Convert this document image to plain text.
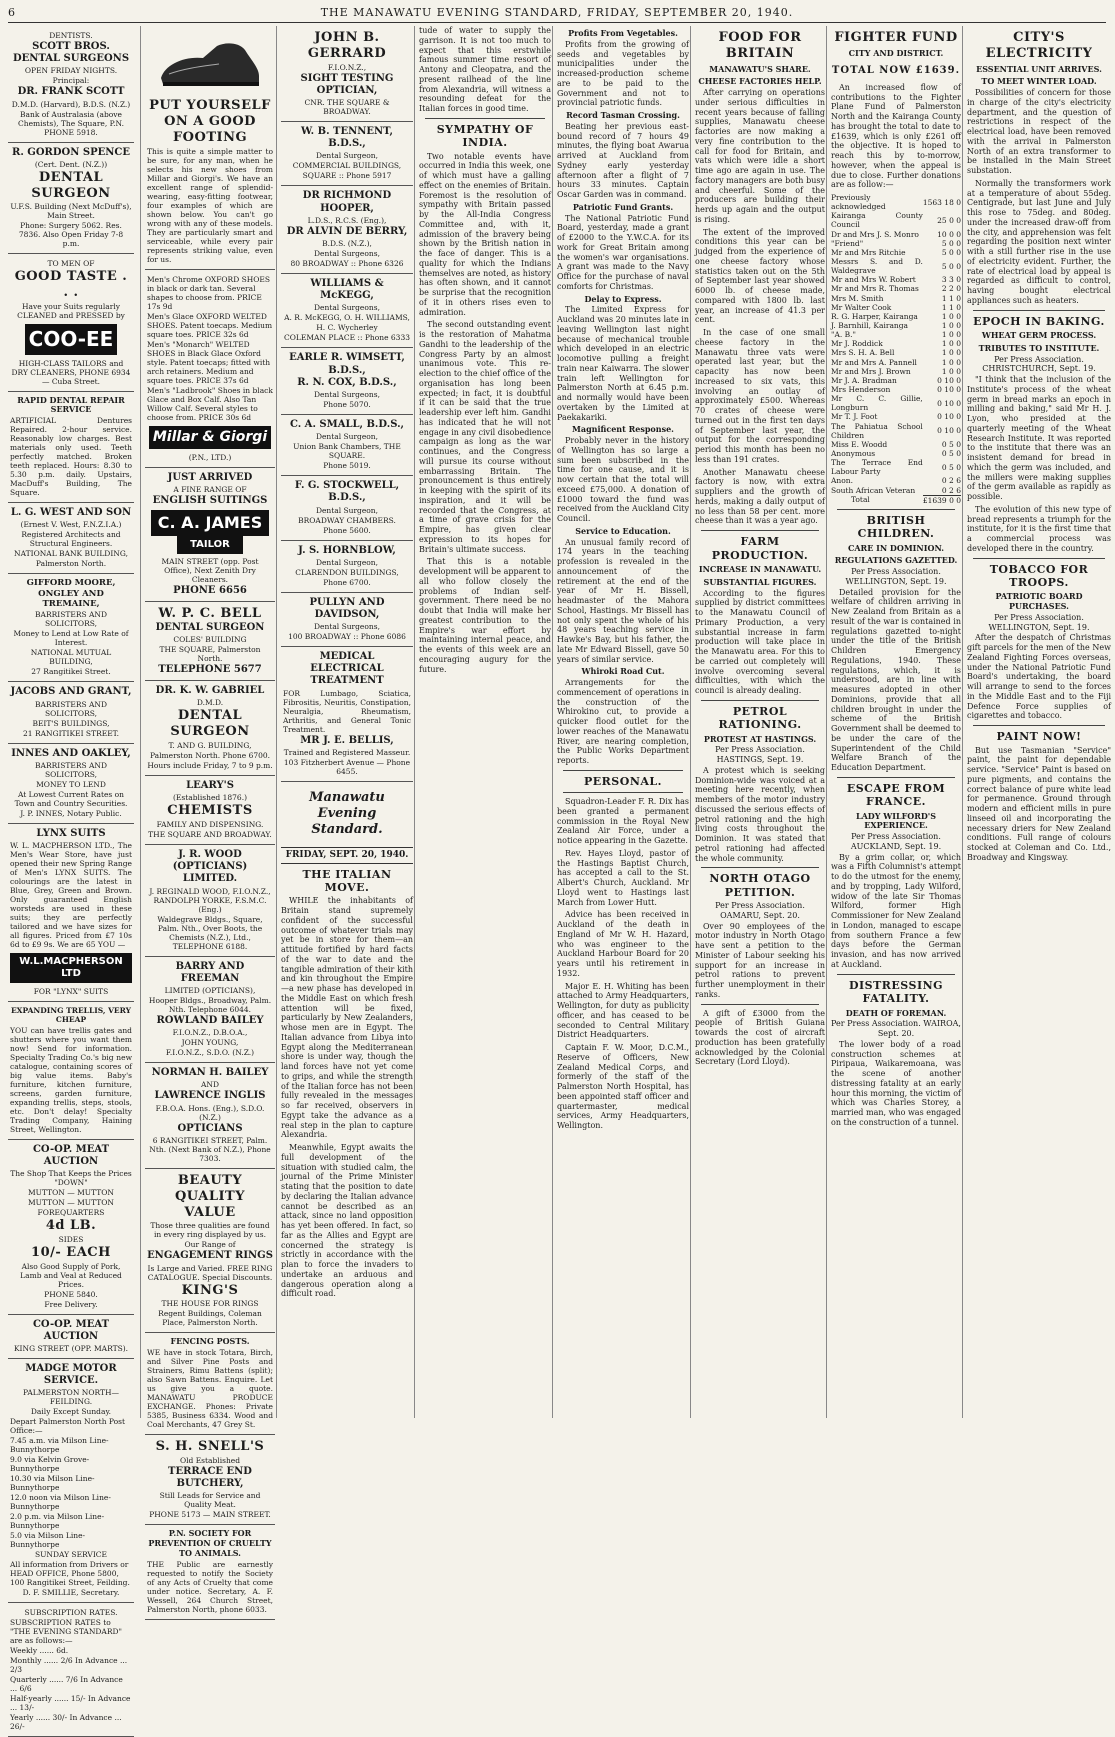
6	THE MANAWATU EVENING STANDARD, FRIDAY, SEPTEMBER 20, 1940.

DENTISTS.

SCOTT BROS.
DENTAL SURGEONS

OPEN FRIDAY NIGHTS.

Principal:

DR. FRANK SCOTT

D.M.D. (Harvard), B.D.S. (N.Z.)

Bank of Australasia (above Chemists), The Square, P.N. PHONE 5918.

R. GORDON SPENCE

(Cert. Dent. (N.Z.))

DENTAL SURGEON

U.F.S. Building (Next McDuff's), Main Street.

Phone: Surgery 5062. Res. 7836. Also Open Friday 7-8 p.m.

TO MEN OF

GOOD TASTE . . .

Have your Suits regularly CLEANED and PRESSED by

COO-EE

HIGH-CLASS TAILORS and DRY CLEANERS, PHONE 6934 — Cuba Street.

RAPID DENTAL REPAIR SERVICE

ARTIFICIAL Dentures Repaired. 2-hour service. Reasonably low charges. Best materials only used. Teeth perfectly matched. Broken teeth replaced. Hours: 8.30 to 5.30 p.m. daily. Upstairs, MacDuff's Building, The Square.

L. G. WEST AND SON

(Ernest V. West, F.N.Z.I.A.)

Registered Architects and Structural Engineers.

NATIONAL BANK BUILDING,

Palmerston North.

GIFFORD MOORE, ONGLEY AND TREMAINE,

BARRISTERS AND SOLICITORS,

Money to Lend at Low Rate of Interest.

NATIONAL MUTUAL BUILDING,

27 Rangitikei Street.

JACOBS AND GRANT,

BARRISTERS AND SOLICITORS,

BEIT'S BUILDINGS,

21 RANGITIKEI STREET.

INNES AND OAKLEY,

BARRISTERS AND SOLICITORS,

MONEY TO LEND

At Lowest Current Rates on Town and Country Securities.

J. P. INNES, Notary Public.

LYNX SUITS

W. L. MACPHERSON LTD., The Men's Wear Store, have just opened their new Spring Range of Men's LYNX SUITS. The colourings are the latest in Blue, Grey, Green and Brown. Only guaranteed English worsteds are used in these suits; they are perfectly tailored and we have sizes for all figures. Priced from £7 10s 6d to £9 9s. We are 65 YOU —

W.L.MACPHERSON LTD

FOR "LYNX" SUITS

EXPANDING TRELLIS, VERY CHEAP

YOU can have trellis gates and shutters where you want them now! Send for information. Specialty Trading Co.'s big new catalogue, containing scores of big value items. Baby's furniture, kitchen furniture, screens, garden furniture, expanding trellis, steps, stools, etc. Don't delay! Specialty Trading Company, Haining Street, Wellington.

CO-OP. MEAT AUCTION

The Shop That Keeps the Prices "DOWN"

MUTTON — MUTTON

MUTTON — MUTTON

FOREQUARTERS

4d LB.

SIDES

10/- EACH

Also Good Supply of Pork, Lamb and Veal at Reduced Prices.

PHONE 5840.

Free Delivery.

CO-OP. MEAT AUCTION

KING STREET (OPP. MARTS).

MADGE MOTOR SERVICE.

PALMERSTON NORTH—FEILDING.

Daily Except Sunday.

Depart Palmerston North Post Office:—

7.45 a.m. via Milson Line-Bunnythorpe

9.0 via Kelvin Grove-Bunnythorpe

10.30 via Milson Line-Bunnythorpe

12.0 noon via Milson Line-Bunnythorpe

2.0 p.m. via Milson Line-Bunnythorpe

5.0 via Milson Line-Bunnythorpe

SUNDAY SERVICE

All information from Drivers or HEAD OFFICE, Phone 5800, 100 Rangitikei Street, Feilding.

D. F. SMILLIE, Secretary.

SUBSCRIPTION RATES.

SUBSCRIPTION RATES to "THE EVENING STANDARD" are as follows:—

Weekly ...... 6d.

Monthly ...... 2/6 In Advance ... 2/3

Quarterly ...... 7/6 In Advance ... 6/6

Half-yearly ...... 15/- In Advance ... 13/-

Yearly ...... 30/- In Advance ... 26/-

PUT YOURSELF ON A GOOD FOOTING

This is quite a simple matter to be sure, for any man, when he selects his new shoes from Millar and Giorgi's. We have an excellent range of splendid-wearing, easy-fitting footwear, four examples of which are shown below. You can't go wrong with any of these models. They are particularly smart and serviceable, while every pair represents striking value, even for us.

Men's Chrome OXFORD SHOES in black or dark tan. Several shapes to choose from. PRICE 17s 9d

Men's Glace OXFORD WELTED SHOES. Patent toecaps. Medium square toes. PRICE 32s 6d

Men's "Monarch" WELTED SHOES in Black Glace Oxford style. Patent toecaps; fitted with arch retainers. Medium and square toes. PRICE 37s 6d

Men's "Ladbrook" Shoes in black Glace and Box Calf. Also Tan Willow Calf. Several styles to choose from. PRICE 30s 6d

Millar & Giorgi

(P.N., LTD.)

JUST ARRIVED

A FINE RANGE OF

ENGLISH SUITINGS
C. A. JAMES
TAILOR

MAIN STREET (opp. Post Office), Next Zenith Dry Cleaners.

PHONE 6656
W. P. C. BELL
DENTAL SURGEON

COLES' BUILDING

THE SQUARE, Palmerston North.

TELEPHONE 5677
DR. K. W. GABRIEL

D.M.D.

DENTAL SURGEON

T. AND G. BUILDING,

Palmerston North. Phone 6700.

Hours include Friday, 7 to 9 p.m.

LEARY'S

(Established 1876.)

CHEMISTS

FAMILY AND DISPENSING.

THE SQUARE AND BROADWAY.

J. R. WOOD (OPTICIANS) LIMITED.

J. REGINALD WOOD, F.I.O.N.Z., RANDOLPH YORKE, F.S.M.C. (Eng.)

Waldegrave Bldgs., Square, Palm. Nth., Over Boots, the Chemists (N.Z.), Ltd., TELEPHONE 6188.

BARRY AND FREEMAN

LIMITED (OPTICIANS),

Hooper Bldgs., Broadway, Palm. Nth. Telephone 6044.

ROWLAND BAILEY

F.I.O.N.Z., D.B.O.A.,

JOHN YOUNG,

F.I.O.N.Z., S.D.O. (N.Z.)

NORMAN H. BAILEY

AND

LAWRENCE INGLIS

F.B.O.A. Hons. (Eng.), S.D.O. (N.Z.)

OPTICIANS

6 RANGITIKEI STREET, Palm. Nth. (Next Bank of N.Z.), Phone 7303.

BEAUTY
QUALITY
VALUE

Those three qualities are found in every ring displayed by us.

Our Range of

ENGAGEMENT RINGS

Is Large and Varied. FREE RING CATALOGUE. Special Discounts.

KING'S

THE HOUSE FOR RINGS

Regent Buildings, Coleman Place, Palmerston North.

FENCING POSTS.

WE have in stock Totara, Birch, and Silver Pine Posts and Strainers, Rimu Battens (split); also Sawn Battens. Enquire. Let us give you a quote. MANAWATU PRODUCE EXCHANGE. Phones: Private 5385, Business 6334. Wood and Coal Merchants, 47 Grey St.

S. H. SNELL'S

Old Established

TERRACE END BUTCHERY,

Still Leads for Service and Quality Meat.

PHONE 5173 — MAIN STREET.

P.N. SOCIETY FOR PREVENTION OF CRUELTY TO ANIMALS.

THE Public are earnestly requested to notify the Society of any Acts of Cruelty that come under notice. Secretary, A. F. Wessell, 264 Church Street, Palmerston North, phone 6033.

JOHN B. GERRARD

F.I.O.N.Z.,

SIGHT TESTING OPTICIAN,

CNR. THE SQUARE & BROADWAY.

W. B. TENNENT, B.D.S.,

Dental Surgeon,

COMMERCIAL BUILDINGS,

SQUARE :: Phone 5917

DR RICHMOND HOOPER,

L.D.S., R.C.S. (Eng.),

DR ALVIN DE BERRY,

B.D.S. (N.Z.),

Dental Surgeons,

80 BROADWAY :: Phone 6326

WILLIAMS & McKEGG,

Dental Surgeons,

A. R. McKEGG, O. H. WILLIAMS,

H. C. Wycherley

COLEMAN PLACE :: Phone 6333

EARLE R. WIMSETT, B.D.S.,
R. N. COX, B.D.S.,

Dental Surgeons,

Phone 5070.

C. A. SMALL, B.D.S.,

Dental Surgeon,

Union Bank Chambers, THE SQUARE.

Phone 5019.

F. G. STOCKWELL, B.D.S.,

Dental Surgeon,

BROADWAY CHAMBERS.

Phone 5600.

J. S. HORNBLOW,

Dental Surgeon,

CLARENDON BUILDINGS,

Phone 6700.

PULLYN AND DAVIDSON,

Dental Surgeons,

100 BROADWAY :: Phone 6086

MEDICAL ELECTRICAL TREATMENT

FOR Lumbago, Sciatica, Fibrositis, Neuritis, Constipation, Neuralgia, Rheumatism, Arthritis, and General Tonic Treatment.

MR J. E. BELLIS,

Trained and Registered Masseur.

103 Fitzherbert Avenue — Phone 6455.

Manawatu
Evening Standard.
FRIDAY, SEPT. 20, 1940.
THE ITALIAN MOVE.

WHILE the inhabitants of Britain stand supremely confident of the successful outcome of whatever trials may yet be in store for them—an attitude fortified by hard facts of the war to date and the tangible admiration of their kith and kin throughout the Empire—a new phase has developed in the Middle East on which fresh attention will be fixed, particularly by New Zealanders, whose men are in Egypt. The Italian advance from Libya into Egypt along the Mediterranean shore is under way, though the land forces have not yet come to grips, and while the strength of the Italian force has not been fully revealed in the messages so far received, observers in Egypt take the advance as a real step in the plan to capture Alexandria.

Meanwhile, Egypt awaits the full development of the situation with studied calm, the journal of the Prime Minister stating that the position to date by declaring the Italian advance cannot be described as an attack, since no land opposition has yet been offered. In fact, so far as the Allies and Egypt are concerned the strategy is strictly in accordance with the plan to force the invaders to undertake an arduous and dangerous operation along a difficult road.

tude of water to supply the garrison. It is not too much to expect that this erstwhile famous summer time resort of Antony and Cleopatra, and the present railhead of the line from Alexandria, will witness a resounding defeat for the Italian forces in good time.

SYMPATHY OF INDIA.

Two notable events have occurred in India this week, one of which must have a galling effect on the enemies of Britain. Foremost is the resolution of sympathy with Britain passed by the All-India Congress Committee and, with it, admission of the bravery being shown by the British nation in the face of danger. This is a quality for which the Indians themselves are noted, as history has often shown, and it cannot be surprise that the recognition of it in others rises even to admiration.

The second outstanding event is the restoration of Mahatma Gandhi to the leadership of the Congress Party by an almost unanimous vote. This re-election to the chief office of the organisation has long been expected; in fact, it is doubtful if it can be said that the true leadership ever left him. Gandhi has indicated that he will not engage in any civil disobedience campaign as long as the war continues, and the Congress will pursue its course without embarrassing Britain. The pronouncement is thus entirely in keeping with the spirit of its inspiration, and it will be recorded that the Congress, at a time of grave crisis for the Empire, has given clear expression to its hopes for Britain's ultimate success.

That this is a notable development will be apparent to all who follow closely the problems of Indian self-government. There need be no doubt that India will make her greatest contribution to the Empire's war effort by maintaining internal peace, and the events of this week are an encouraging augury for the future.

Profits From Vegetables.

Profits from the growing of seeds and vegetables by municipalities under the increased-production scheme are to be paid to the Government and not to provincial patriotic funds.

Record Tasman Crossing.

Beating her previous east-bound record of 7 hours 49 minutes, the flying boat Awarua arrived at Auckland from Sydney early yesterday afternoon after a flight of 7 hours 33 minutes. Captain Oscar Garden was in command.

Patriotic Fund Grants.

The National Patriotic Fund Board, yesterday, made a grant of £2000 to the Y.W.C.A. for its work for Great Britain among the women's war organisations. A grant was made to the Navy Office for the purchase of naval comforts for Christmas.

Delay to Express.

The Limited Express for Auckland was 20 minutes late in leaving Wellington last night because of mechanical trouble which developed in an electric locomotive pulling a freight train near Kaiwarra. The slower train left Wellington for Palmerston North at 6.45 p.m. and normally would have been overtaken by the Limited at Paekakariki.

Magnificent Response.

Probably never in the history of Wellington has so large a sum been subscribed in the time for one cause, and it is now certain that the total will exceed £75,000. A donation of £1000 toward the fund was received from the Auckland City Council.

Service to Education.

An unusual family record of 174 years in the teaching profession is revealed in the announcement of the retirement at the end of the year of Mr H. Bissell, headmaster of the Mahora School, Hastings. Mr Bissell has not only spent the whole of his 48 years teaching service in Hawke's Bay, but his father, the late Mr Edward Bissell, gave 50 years of similar service.

Whiroki Road Cut.

Arrangements for the commencement of operations in the construction of the Whirokino cut, to provide a quicker flood outlet for the lower reaches of the Manawatu River, are nearing completion, the Public Works Department reports.

PERSONAL.

Squadron-Leader F. R. Dix has been granted a permanent commission in the Royal New Zealand Air Force, under a notice appearing in the Gazette.

Rev. Hayes Lloyd, pastor of the Hastings Baptist Church, has accepted a call to the St. Albert's Church, Auckland. Mr Lloyd went to Hastings last March from Lower Hutt.

Advice has been received in Auckland of the death in England of Mr W. H. Hazard, who was engineer to the Auckland Harbour Board for 20 years until his retirement in 1932.

Major E. H. Whiting has been attached to Army Headquarters, Wellington, for duty as publicity officer, and has ceased to be seconded to Central Military District Headquarters.

Captain F. W. Moor, D.C.M., Reserve of Officers, New Zealand Medical Corps, and formerly of the staff of the Palmerston North Hospital, has been appointed staff officer and quartermaster, medical services, Army Headquarters, Wellington.

FOOD FOR BRITAIN
MANAWATU'S SHARE.
CHEESE FACTORIES HELP.

After carrying on operations under serious difficulties in recent years because of falling supplies, Manawatu cheese factories are now making a very fine contribution to the call for food for Britain, and vats which were idle a short time ago are again in use. The factory managers are both busy and cheerful. Some of the producers are building their herds up again and the output is rising.

The extent of the improved conditions this year can be judged from the experience of one cheese factory whose statistics taken out on the 5th of September last year showed 6000 lb. of cheese made, compared with 1800 lb. last year, an increase of 41.3 per cent.

In the case of one small cheese factory in the Manawatu three vats were operated last year, but the capacity has now been increased to six vats, this involving an outlay of approximately £500. Whereas 70 crates of cheese were turned out in the first ten days of September last year, the output for the corresponding period this month has been no less than 191 crates.

Another Manawatu cheese factory is now, with extra suppliers and the growth of herds, making a daily output of no less than 58 per cent. more cheese than it was a year ago.

FARM PRODUCTION.
INCREASE IN MANAWATU.
SUBSTANTIAL FIGURES.

According to the figures supplied by district committees to the Manawatu Council of Primary Production, a very substantial increase in farm production will take place in the Manawatu area. For this to be carried out completely will involve overcoming several difficulties, with which the council is already dealing.

PETROL RATIONING.
PROTEST AT HASTINGS.

Per Press Association. HASTINGS, Sept. 19.

A protest which is seeking Dominion-wide was voiced at a meeting here recently, when members of the motor industry discussed the serious effects of petrol rationing and the high living costs throughout the Dominion. It was stated that petrol rationing had affected the whole community.

NORTH OTAGO PETITION.

Per Press Association. OAMARU, Sept. 20.

Over 90 employees of the motor industry in North Otago have sent a petition to the Minister of Labour seeking his support for an increase in petrol rations to prevent further unemployment in their ranks.

A gift of £3000 from the people of British Guiana towards the cost of aircraft production has been gratefully acknowledged by the Colonial Secretary (Lord Lloyd).

FIGHTER FUND
CITY AND DISTRICT.
TOTAL NOW £1639.

An increased flow of contributions to the Fighter Plane Fund of Palmerston North and the Kairanga County has brought the total to date to £1639, which is only £261 off the objective. It is hoped to reach this by to-morrow, however, when the appeal is due to close. Further donations are as follow:—

Previously acknowledged	1563 18 0
Kairanga County Council	25 0 0
Dr and Mrs J. S. Monro	10 0 0
"Friend"	5 0 0
Mr and Mrs Ritchie	5 0 0
Messrs S. and D. Waldegrave	5 0 0
Mr and Mrs W. Robert	3 3 0
Mr and Mrs R. Thomas	2 2 0
Mrs M. Smith	1 1 0
Mr Walter Cook	1 1 0
R. G. Harper, Kairanga	1 0 0
J. Barnhill, Kairanga	1 0 0
"A. B."	1 0 0
Mr J. Roddick	1 0 0
Mrs S. H. A. Bell	1 0 0
Mr and Mrs A. Pannell	1 0 0
Mr and Mrs J. Brown	1 0 0
Mr J. A. Bradman	0 10 0
Mrs Henderson	0 10 0
Mr C. C. Gillie, Longburn	0 10 0
Mr T. J. Foot	0 10 0
The Pahiatua School Children	0 10 0
Miss E. Woodd	0 5 0
Anonymous	0 5 0
The Terrace End Labour Party	0 5 0
Anon.	0 2 6
South African Veteran	0 2 6
Total	£1639 0 0
BRITISH CHILDREN.
CARE IN DOMINION.
REGULATIONS GAZETTED.

Per Press Association. WELLINGTON, Sept. 19.

Detailed provision for the welfare of children arriving in New Zealand from Britain as a result of the war is contained in regulations gazetted to-night under the title of the British Children Emergency Regulations, 1940. These regulations, which, it is understood, are in line with measures adopted in other Dominions, provide that all children brought in under the scheme of the British Government shall be deemed to be under the care of the Superintendent of the Child Welfare Branch of the Education Department.

ESCAPE FROM FRANCE.
LADY WILFORD'S EXPERIENCE.

Per Press Association. AUCKLAND, Sept. 19.

By a grim collar, or, which was a Fifth Columnist's attempt to do the utmost for the enemy, and by tropping, Lady Wilford, widow of the late Sir Thomas Wilford, former High Commissioner for New Zealand in London, managed to escape from southern France a few days before the German invasion, and has now arrived at Auckland.

DISTRESSING FATALITY.
DEATH OF FOREMAN.

Per Press Association. WAIROA, Sept. 20.

The lower body of a road construction schemes at Piripaua, Waikaremoana, was the scene of another distressing fatality at an early hour this morning, the victim of which was Charles Storey, a married man, who was engaged on the construction of a tunnel.

CITY'S ELECTRICITY
ESSENTIAL UNIT ARRIVES.
TO MEET WINTER LOAD.

Possibilities of concern for those in charge of the city's electricity department, and the question of restrictions in respect of the electrical load, have been removed with the arrival in Palmerston North of an extra transformer to be installed in the Main Street substation.

Normally the transformers work at a temperature of about 55deg. Centigrade, but last June and July this rose to 75deg. and 80deg. under the increased draw-off from the city, and apprehension was felt regarding the position next winter with a still further rise in the use of electricity evident. Further, the rate of electrical load by appeal is regarded as difficult to control, having bought electrical appliances such as heaters.

EPOCH IN BAKING.
WHEAT GERM PROCESS.
TRIBUTES TO INSTITUTE.

Per Press Association. CHRISTCHURCH, Sept. 19.

"I think that the inclusion of the Institute's process of the wheat germ in bread marks an epoch in milling and baking," said Mr H. J. Lyon, who presided at the quarterly meeting of the Wheat Research Institute. It was reported to the institute that there was an insistent demand for bread in which the germ was included, and the millers were making supplies of the germ available as rapidly as possible.

The evolution of this new type of bread represents a triumph for the institute, for it is the first time that a commercial process was developed there in the country.

TOBACCO FOR TROOPS.
PATRIOTIC BOARD PURCHASES.

Per Press Association. WELLINGTON, Sept. 19.

After the despatch of Christmas gift parcels for the men of the New Zealand Fighting Forces overseas, under the National Patriotic Fund Board's undertaking, the board will arrange to send to the forces in the Middle East and to the Fiji Defence Force supplies of cigarettes and tobacco.

PAINT NOW!

But use Tasmanian "Service" paint, the paint for dependable service. "Service" Paint is based on pure pigments, and contains the correct balance of pure white lead for permanence. Ground through modern and efficient mills in pure linseed oil and incorporating the necessary driers for New Zealand conditions. Full range of colours stocked at Coleman and Co. Ltd., Broadway and Kingsway.
